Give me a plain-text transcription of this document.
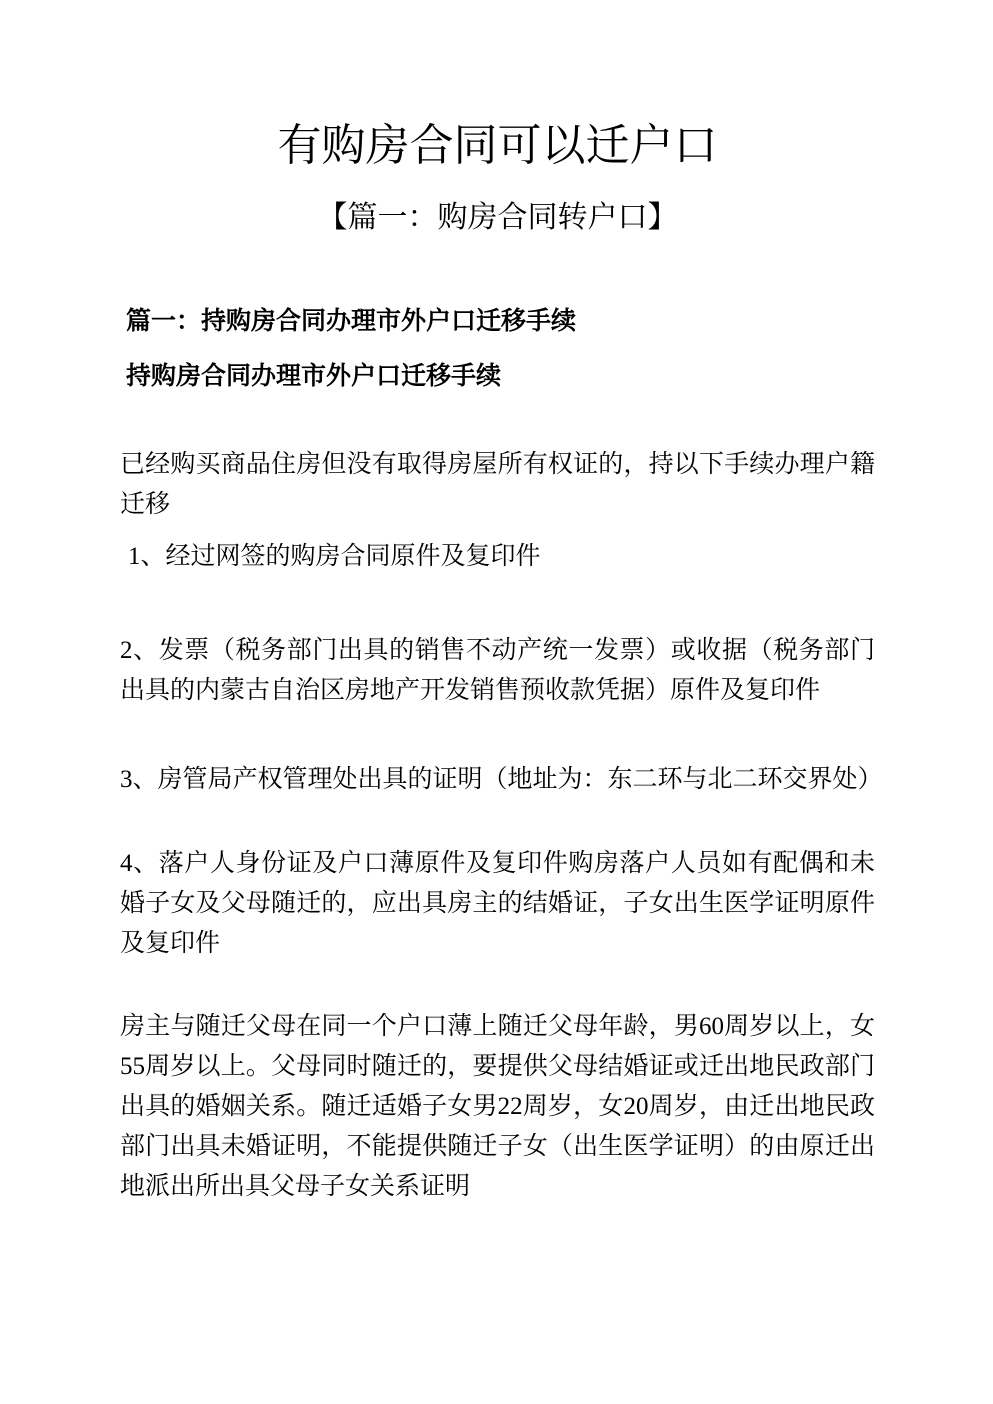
有购房合同可以迁户口
【篇一：购房合同转户口】

篇一：持购房合同办理市外户口迁移手续

持购房合同办理市外户口迁移手续

已经购买商品住房但没有取得房屋所有权证的，持以下手续办理户籍迁移

1、经过网签的购房合同原件及复印件

2、发票（税务部门出具的销售不动产统一发票）或收据（税务部门出具的内蒙古自治区房地产开发销售预收款凭据）原件及复印件

3、房管局产权管理处出具的证明（地址为：东二环与北二环交界处）

4、落户人身份证及户口薄原件及复印件购房落户人员如有配偶和未婚子女及父母随迁的，应出具房主的结婚证，子女出生医学证明原件及复印件

房主与随迁父母在同一个户口薄上随迁父母年龄，男60周岁以上，女55周岁以上。父母同时随迁的，要提供父母结婚证或迁出地民政部门出具的婚姻关系。随迁适婚子女男22周岁，女20周岁，由迁出地民政部门出具未婚证明，不能提供随迁子女（出生医学证明）的由原迁出地派出所出具父母子女关系证明
